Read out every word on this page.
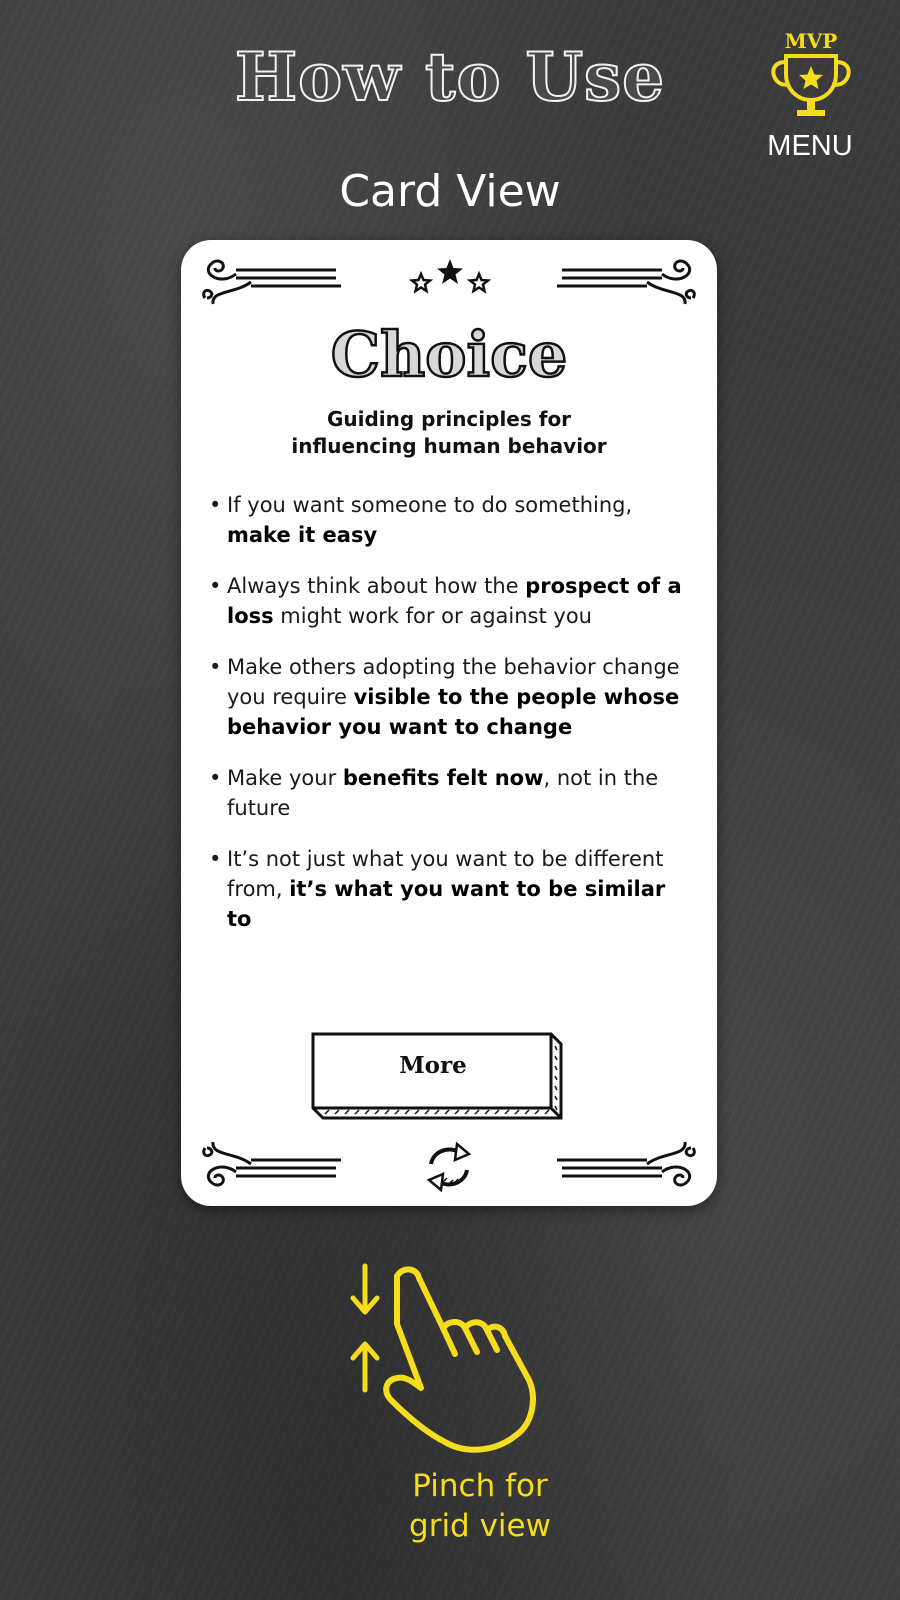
How to Use	MVP
MENU
Card View
Choice
Guiding principles for
influencing human behavior
• If you want someone to do something, make it easy
• Always think about how the prospect of a loss might work for or against you
• Make others adopting the behavior change you require visible to the people whose behavior you want to change
• Make your benefits felt now, not in the future
• It’s not just what you want to be different from, it’s what you want to be similar to
More
Pinch for
grid view
